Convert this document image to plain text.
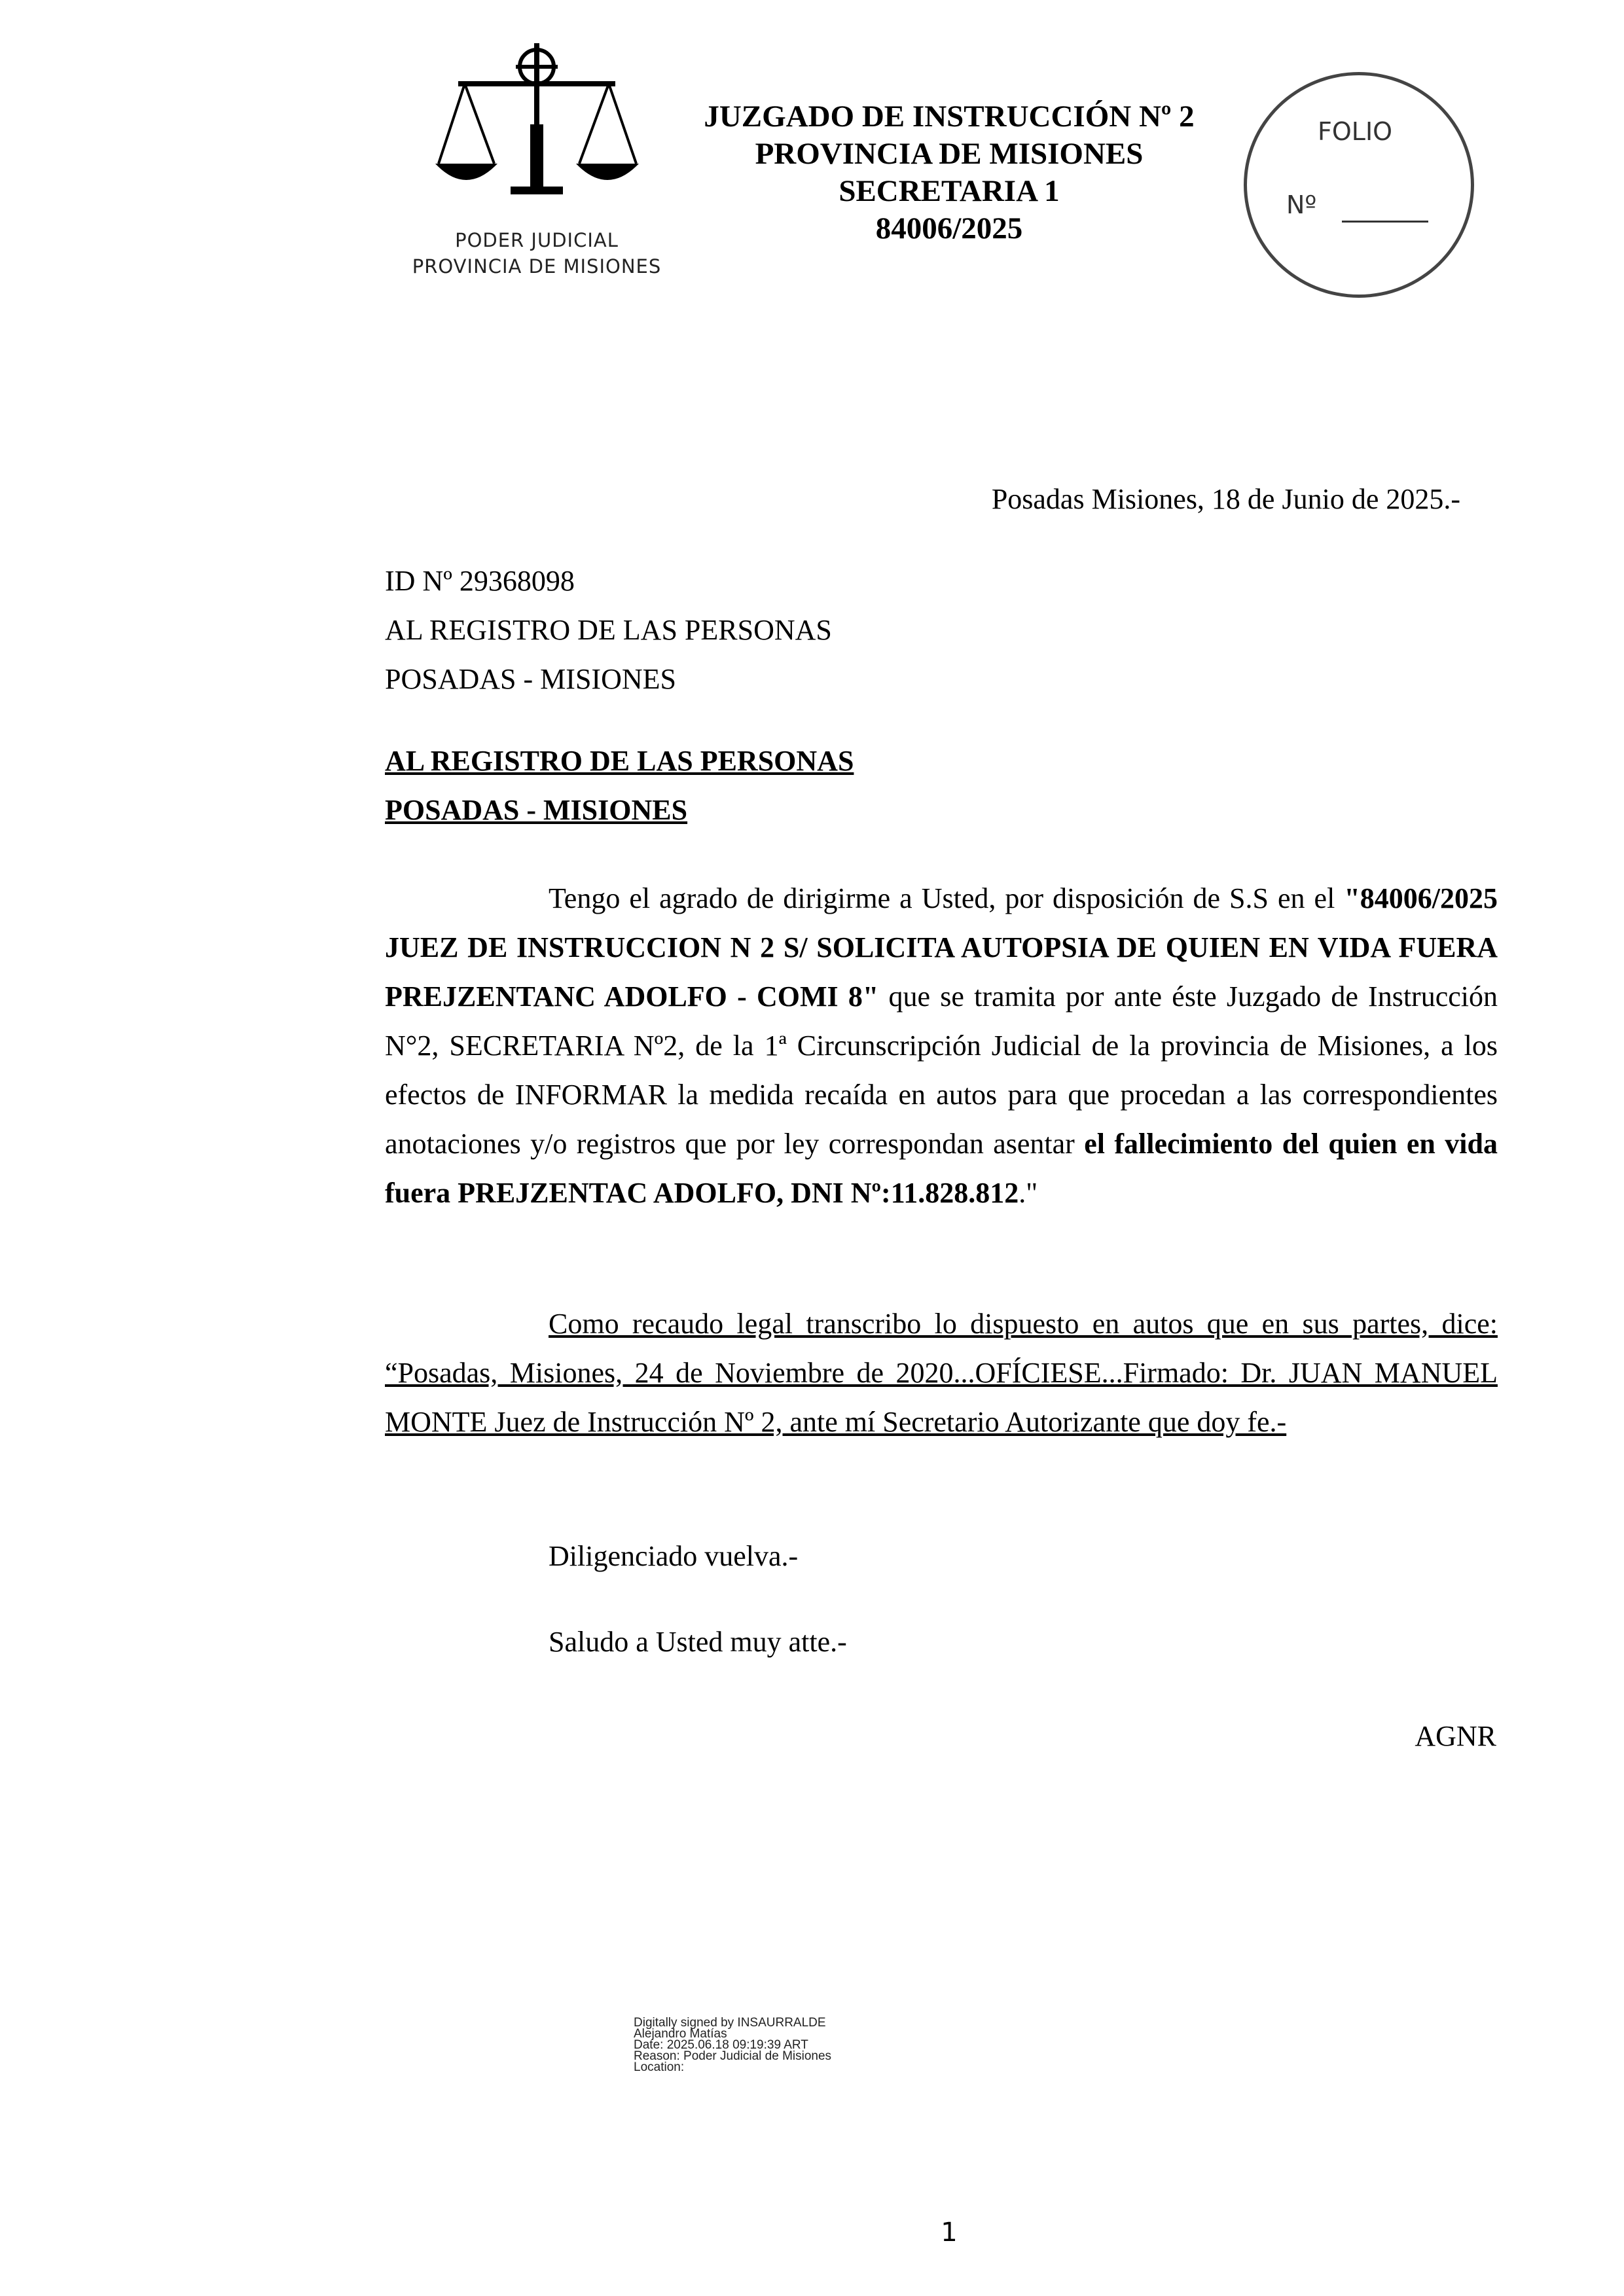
PODER JUDICIAL
PROVINCIA DE MISIONES
JUZGADO DE INSTRUCCIÓN Nº 2
PROVINCIA DE MISIONES
SECRETARIA 1
84006/2025
FOLIO
Nº
Posadas Misiones, 18 de Junio de 2025.-
ID Nº 29368098
AL REGISTRO DE LAS PERSONAS
POSADAS - MISIONES
AL REGISTRO DE LAS PERSONAS
POSADAS - MISIONES
Tengo el agrado de dirigirme a Usted, por disposición de S.S en el "84006/2025 JUEZ DE INSTRUCCION N 2 S/ SOLICITA AUTOPSIA DE QUIEN EN VIDA FUERA PREJZENTANC ADOLFO - COMI 8" que se tramita por ante éste Juzgado de Instrucción N°2, SECRETARIA Nº2, de la 1ª Circunscripción Judicial de la provincia de Misiones, a los efectos de INFORMAR la medida recaída en autos para que procedan a las correspondientes anotaciones y/o registros que por ley correspondan asentar el fallecimiento del quien en vida fuera PREJZENTAC ADOLFO, DNI Nº:11.828.812."
Como recaudo legal transcribo lo dispuesto en autos que en sus partes, dice: “Posadas, Misiones, 24 de Noviembre de 2020...OFÍCIESE...Firmado: Dr. JUAN MANUEL MONTE Juez de Instrucción Nº 2, ante mí Secretario Autorizante que doy fe.-
Diligenciado vuelva.-
Saludo a Usted muy atte.-
AGNR
Digitally signed by INSAURRALDE
Alejandro Matías
Date: 2025.06.18 09:19:39 ART
Reason: Poder Judicial de Misiones
Location:
1
